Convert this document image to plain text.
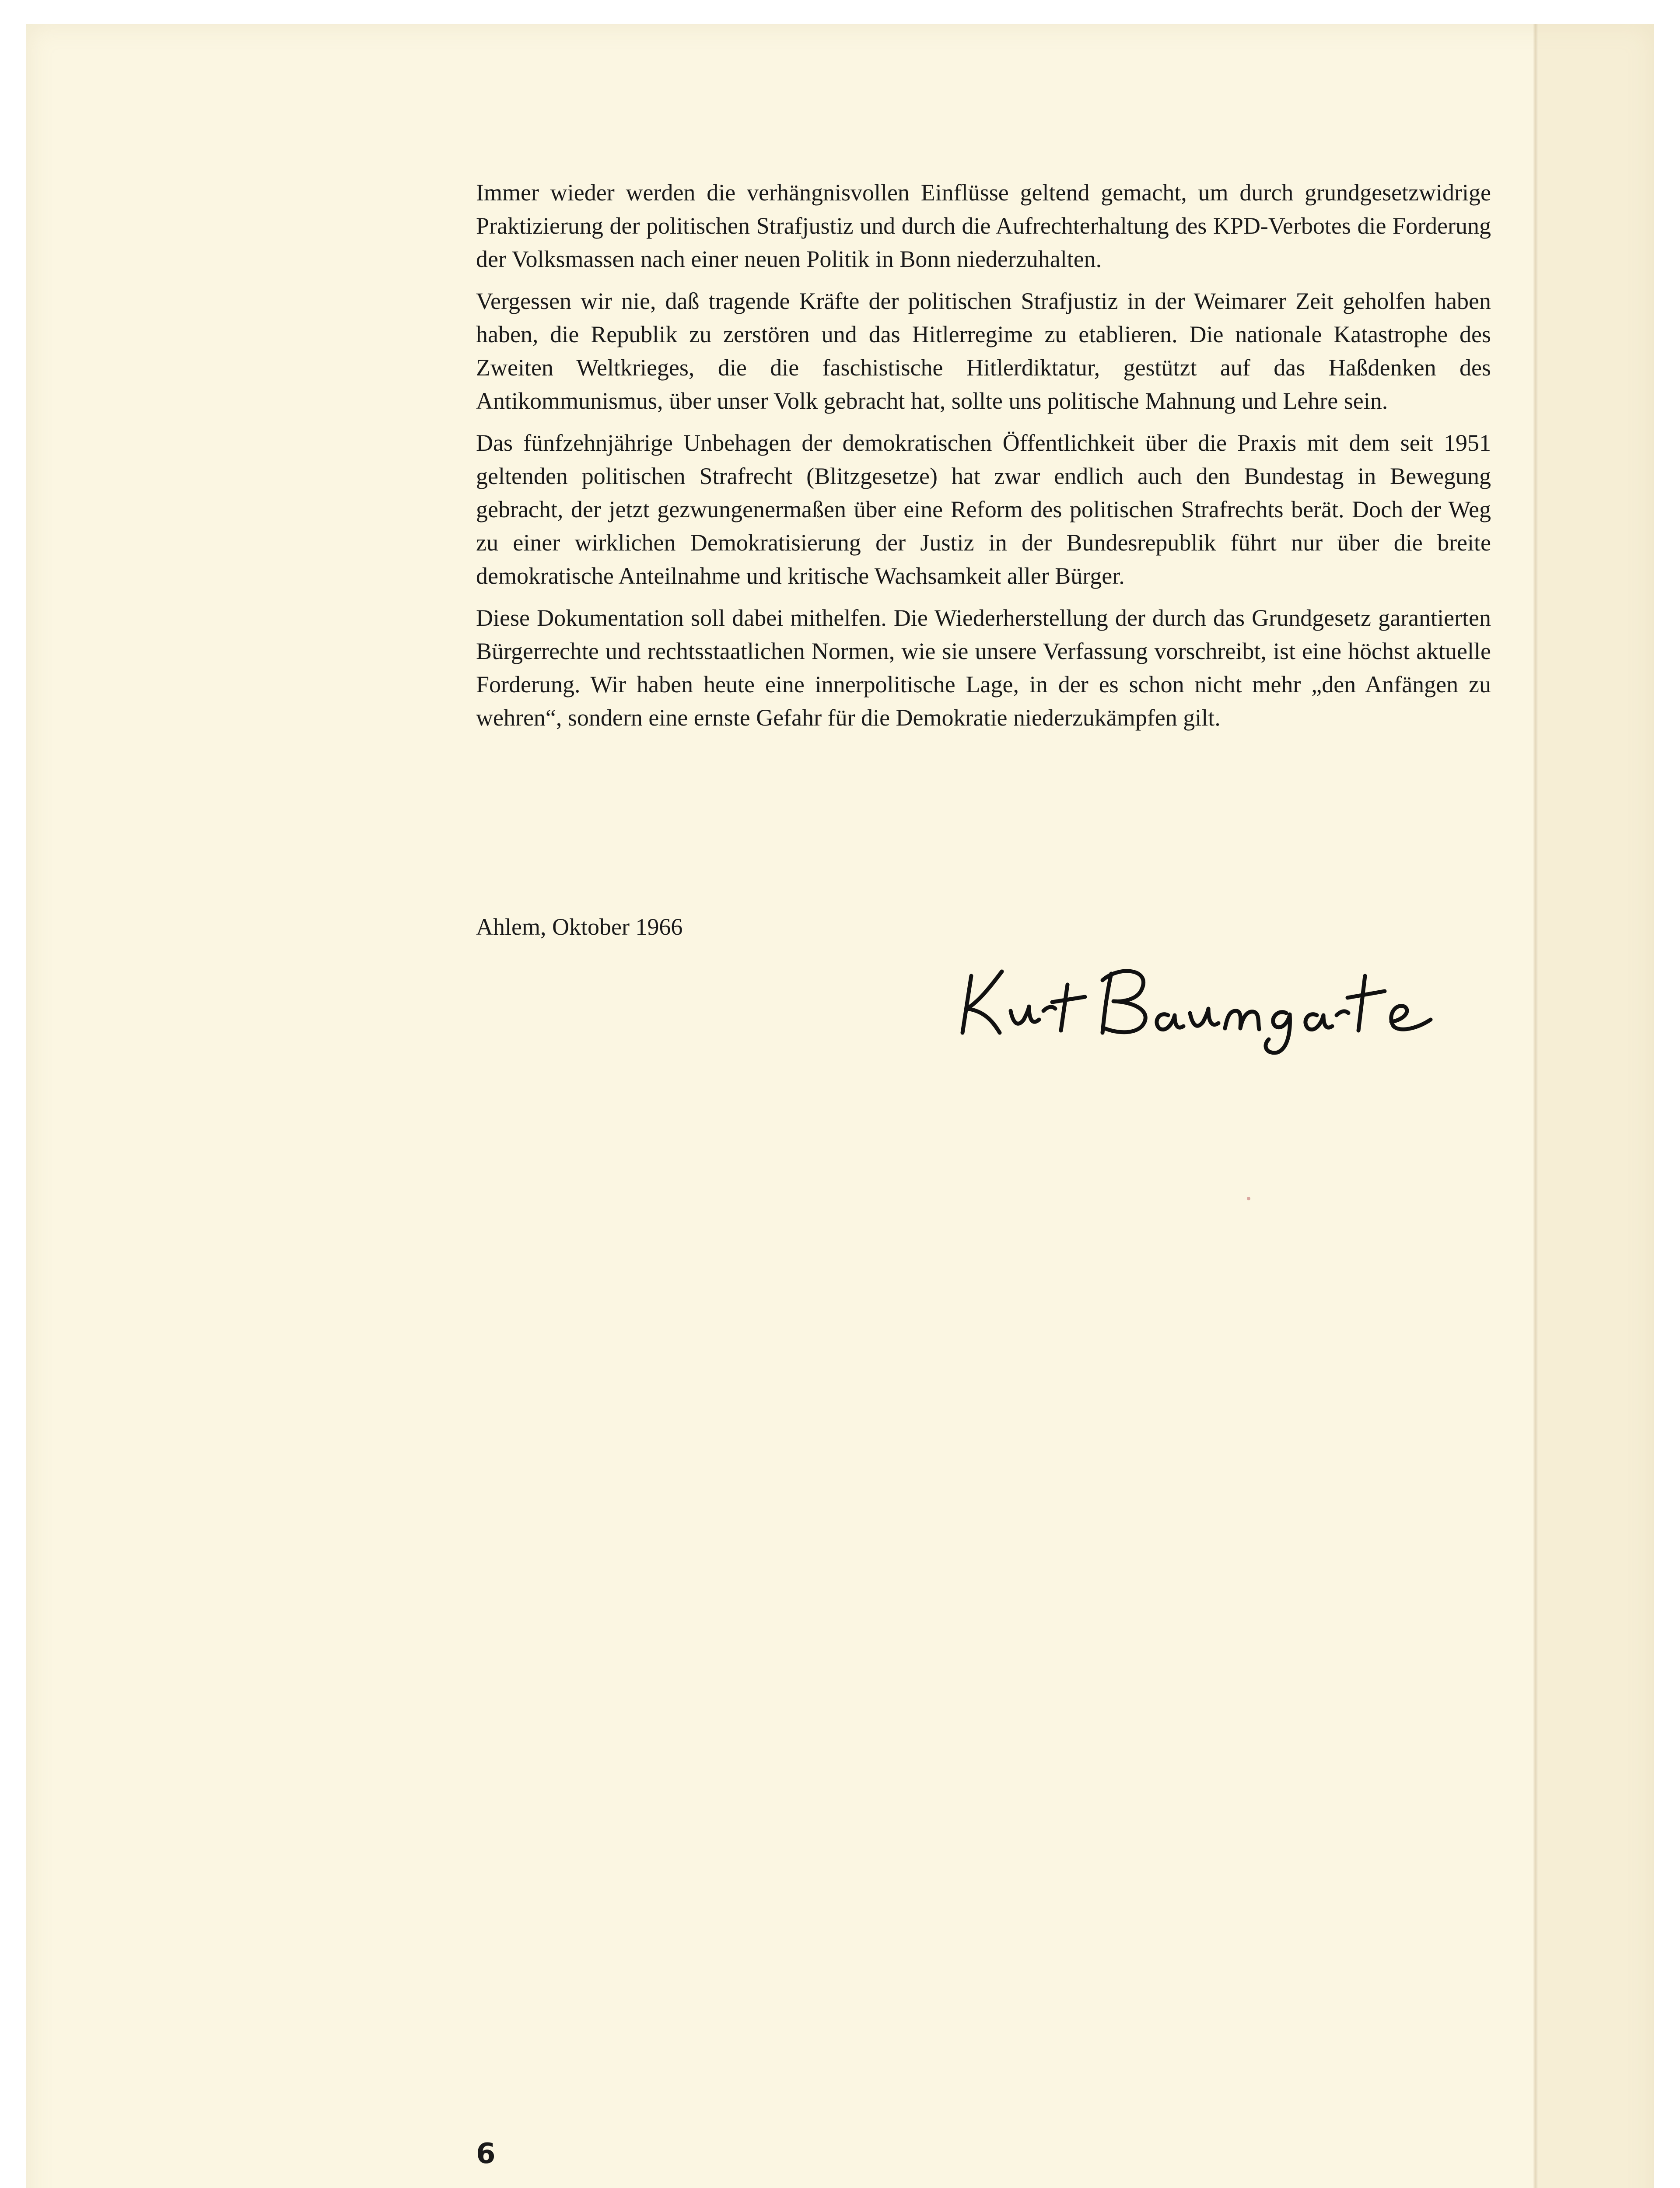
Immer wieder werden die verhängnisvollen Einflüsse geltend gemacht, um durch grundgesetzwidrige Praktizierung der politischen Strafjustiz und durch die Aufrechterhaltung des KPD-Verbotes die Forderung der Volksmassen nach einer neuen Politik in Bonn niederzuhalten.

Vergessen wir nie, daß tragende Kräfte der politischen Strafjustiz in der Weimarer Zeit geholfen haben haben, die Republik zu zerstören und das Hitlerregime zu etablieren. Die nationale Katastrophe des Zweiten Weltkrieges, die die faschistische Hitlerdiktatur, gestützt auf das Haßdenken des Antikommunismus, über unser Volk gebracht hat, sollte uns politische Mahnung und Lehre sein.

Das fünfzehnjährige Unbehagen der demokratischen Öffentlichkeit über die Praxis mit dem seit 1951 geltenden politischen Strafrecht (Blitzgesetze) hat zwar endlich auch den Bundestag in Bewegung gebracht, der jetzt gezwungenermaßen über eine Reform des politischen Strafrechts berät. Doch der Weg zu einer wirklichen Demokratisierung der Justiz in der Bundesrepublik führt nur über die breite demokratische Anteilnahme und kritische Wachsamkeit aller Bürger.

Diese Dokumentation soll dabei mithelfen. Die Wiederherstellung der durch das Grundgesetz garantierten Bürgerrechte und rechtsstaatlichen Normen, wie sie unsere Verfassung vorschreibt, ist eine höchst aktuelle Forderung. Wir haben heute eine innerpolitische Lage, in der es schon nicht mehr „den Anfängen zu wehren“, sondern eine ernste Gefahr für die Demokratie niederzukämpfen gilt.

Ahlem, Oktober 1966
6
